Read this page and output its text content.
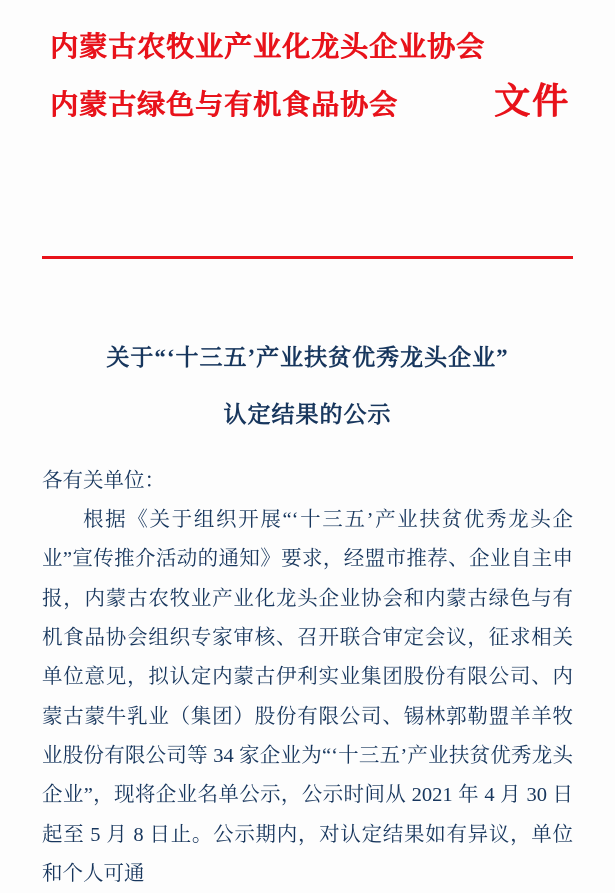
内蒙古农牧业产业化龙头企业协会
内蒙古绿色与有机食品协会	文件
关于“‘十三五’产业扶贫优秀龙头企业”
认定结果的公示

各有关单位：

根据《关于组织开展“‘十三五’产业扶贫优秀龙头企业”宣传推介活动的通知》要求，经盟市推荐、企业自主申报，内蒙古农牧业产业化龙头企业协会和内蒙古绿色与有机食品协会组织专家审核、召开联合审定会议，征求相关单位意见，拟认定内蒙古伊利实业集团股份有限公司、内蒙古蒙牛乳业（集团）股份有限公司、锡林郭勒盟羊羊牧业股份有限公司等 34 家企业为“‘十三五’产业扶贫优秀龙头企业”，现将企业名单公示，公示时间从 2021 年 4 月 30 日起至 5 月 8 日止。公示期内，对认定结果如有异议，单位和个人可通
